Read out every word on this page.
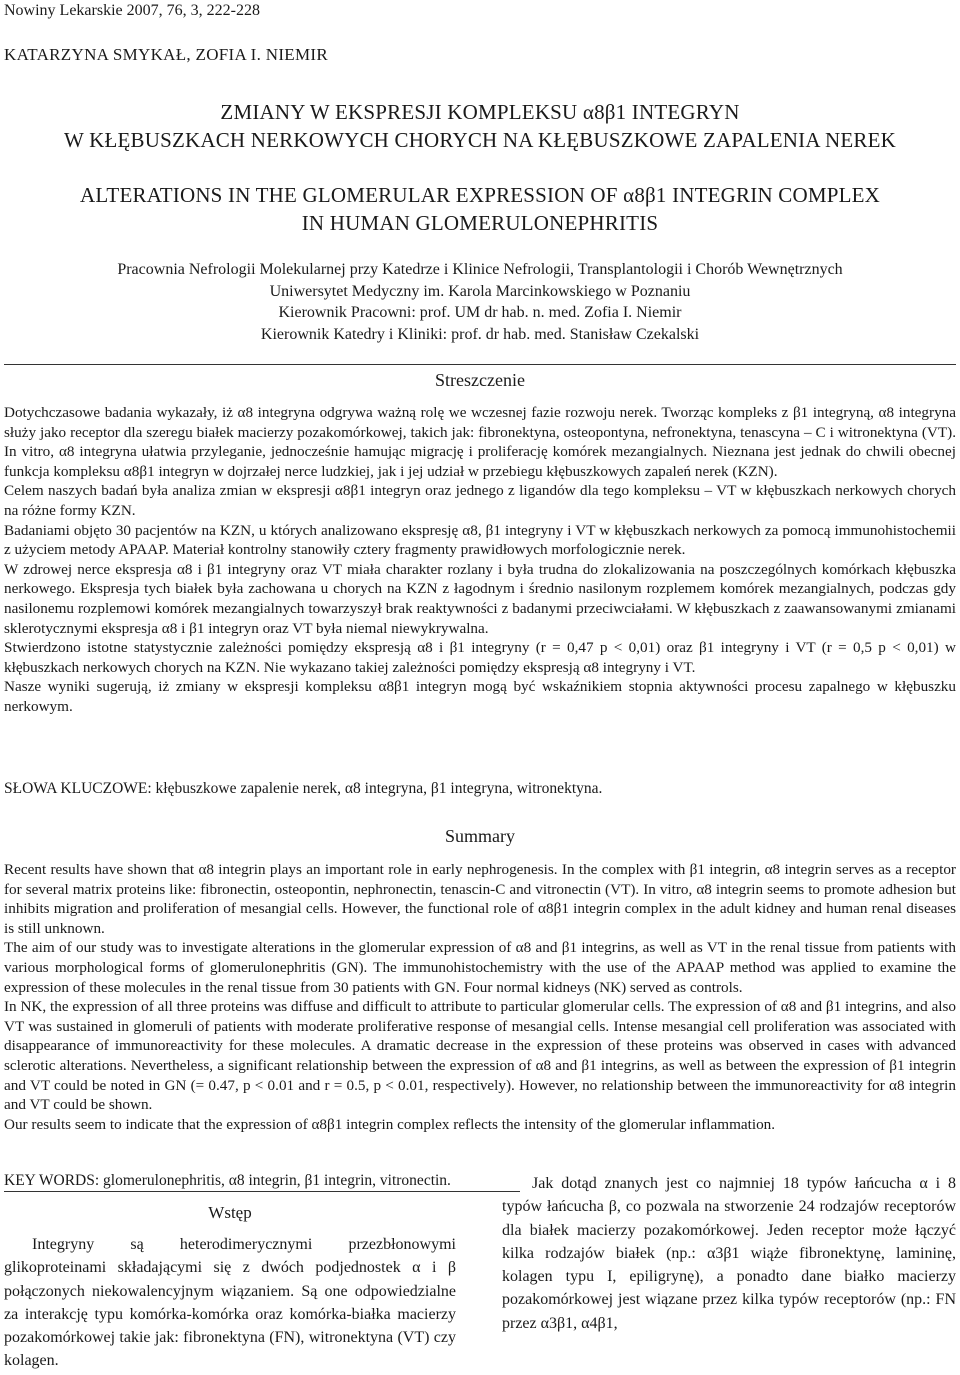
Nowiny Lekarskie 2007, 76, 3, 222-228
KATARZYNA SMYKAŁ, ZOFIA I. NIEMIR
ZMIANY W EKSPRESJI KOMPLEKSU α8β1 INTEGRYN
W KŁĘBUSZKACH NERKOWYCH CHORYCH NA KŁĘBUSZKOWE ZAPALENIA NEREK
ALTERATIONS IN THE GLOMERULAR EXPRESSION OF α8β1 INTEGRIN COMPLEX
IN HUMAN GLOMERULONEPHRITIS
Pracownia Nefrologii Molekularnej przy Katedrze i Klinice Nefrologii, Transplantologii i Chorób Wewnętrznych
Uniwersytet Medyczny im. Karola Marcinkowskiego w Poznaniu
Kierownik Pracowni: prof. UM dr hab. n. med. Zofia I. Niemir
Kierownik Katedry i Kliniki: prof. dr hab. med. Stanisław Czekalski
Streszczenie

Dotychczasowe badania wykazały, iż α8 integryna odgrywa ważną rolę we wczesnej fazie rozwoju nerek. Tworząc kompleks z β1 integryną, α8 integryna służy jako receptor dla szeregu białek macierzy pozakomórkowej, takich jak: fibronektyna, osteopontyna, nefronektyna, tenascyna – C i witronektyna (VT). In vitro, α8 integryna ułatwia przyleganie, jednocześnie hamując migrację i proliferację komórek mezangialnych. Nieznana jest jednak do chwili obecnej funkcja kompleksu α8β1 integryn w dojrzałej nerce ludzkiej, jak i jej udział w przebiegu kłębuszkowych zapaleń nerek (KZN).

Celem naszych badań była analiza zmian w ekspresji α8β1 integryn oraz jednego z ligandów dla tego kompleksu – VT w kłębuszkach nerkowych chorych na różne formy KZN.

Badaniami objęto 30 pacjentów na KZN, u których analizowano ekspresję α8, β1 integryny i VT w kłębuszkach nerkowych za pomocą immunohistochemii z użyciem metody APAAP. Materiał kontrolny stanowiły cztery fragmenty prawidłowych morfologicznie nerek.

W zdrowej nerce ekspresja α8 i β1 integryny oraz VT miała charakter rozlany i była trudna do zlokalizowania na poszczególnych komórkach kłębuszka nerkowego. Ekspresja tych białek była zachowana u chorych na KZN z łagodnym i średnio nasilonym rozplemem komórek mezangialnych, podczas gdy nasilonemu rozplemowi komórek mezangialnych towarzyszył brak reaktywności z badanymi przeciwciałami. W kłębuszkach z zaawansowanymi zmianami sklerotycznymi ekspresja α8 i β1 integryn oraz VT była niemal niewykrywalna.

Stwierdzono istotne statystycznie zależności pomiędzy ekspresją α8 i β1 integryny (r = 0,47 p < 0,01) oraz β1 integryny i VT (r = 0,5 p < 0,01) w kłębuszkach nerkowych chorych na KZN. Nie wykazano takiej zależności pomiędzy ekspresją α8 integryny i VT.

Nasze wyniki sugerują, iż zmiany w ekspresji kompleksu α8β1 integryn mogą być wskaźnikiem stopnia aktywności procesu zapalnego w kłębuszku nerkowym.

SŁOWA KLUCZOWE: kłębuszkowe zapalenie nerek, α8 integryna, β1 integryna, witronektyna.
Summary

Recent results have shown that α8 integrin plays an important role in early nephrogenesis. In the complex with β1 integrin, α8 integrin serves as a receptor for several matrix proteins like: fibronectin, osteopontin, nephronectin, tenascin-C and vitronectin (VT). In vitro, α8 integrin seems to promote adhesion but inhibits migration and proliferation of mesangial cells. However, the functional role of α8β1 integrin complex in the adult kidney and human renal diseases is still unknown.

The aim of our study was to investigate alterations in the glomerular expression of α8 and β1 integrins, as well as VT in the renal tissue from patients with various morphological forms of glomerulonephritis (GN). The immunohistochemistry with the use of the APAAP method was applied to examine the expression of these molecules in the renal tissue from 30 patients with GN. Four normal kidneys (NK) served as controls.

In NK, the expression of all three proteins was diffuse and difficult to attribute to particular glomerular cells. The expression of α8 and β1 integrins, and also VT was sustained in glomeruli of patients with moderate proliferative response of mesangial cells. Intense mesangial cell proliferation was associated with disappearance of immunoreactivity for these molecules. A dramatic decrease in the expression of these proteins was observed in cases with advanced sclerotic alterations. Nevertheless, a significant relationship between the expression of α8 and β1 integrins, as well as between the expression of β1 integrin and VT could be noted in GN (= 0.47, p < 0.01 and r = 0.5, p < 0.01, respectively). However, no relationship between the immunoreactivity for α8 integrin and VT could be shown.

Our results seem to indicate that the expression of α8β1 integrin complex reflects the intensity of the glomerular inflammation.

KEY WORDS: glomerulonephritis, α8 integrin, β1 integrin, vitronectin.
Wstęp

Integryny są heterodimerycznymi przezbłonowymi glikoproteinami składającymi się z dwóch podjednostek α i β połączonych niekowalencyjnym wiązaniem. Są one odpowiedzialne za interakcję typu komórka-komórka oraz komórka-białka macierzy pozakomórkowej takie jak: fibronektyna (FN), witronektyna (VT) czy kolagen.

Jak dotąd znanych jest co najmniej 18 typów łańcucha α i 8 typów łańcucha β, co pozwala na stworzenie 24 rodzajów receptorów dla białek macierzy pozakomórkowej. Jeden receptor może łączyć kilka rodzajów białek (np.: α3β1 wiąże fibronektynę, lamininę, kolagen typu I, epiligrynę), a ponadto dane białko macierzy pozakomórkowej jest wiązane przez kilka typów receptorów (np.: FN przez α3β1, α4β1,
